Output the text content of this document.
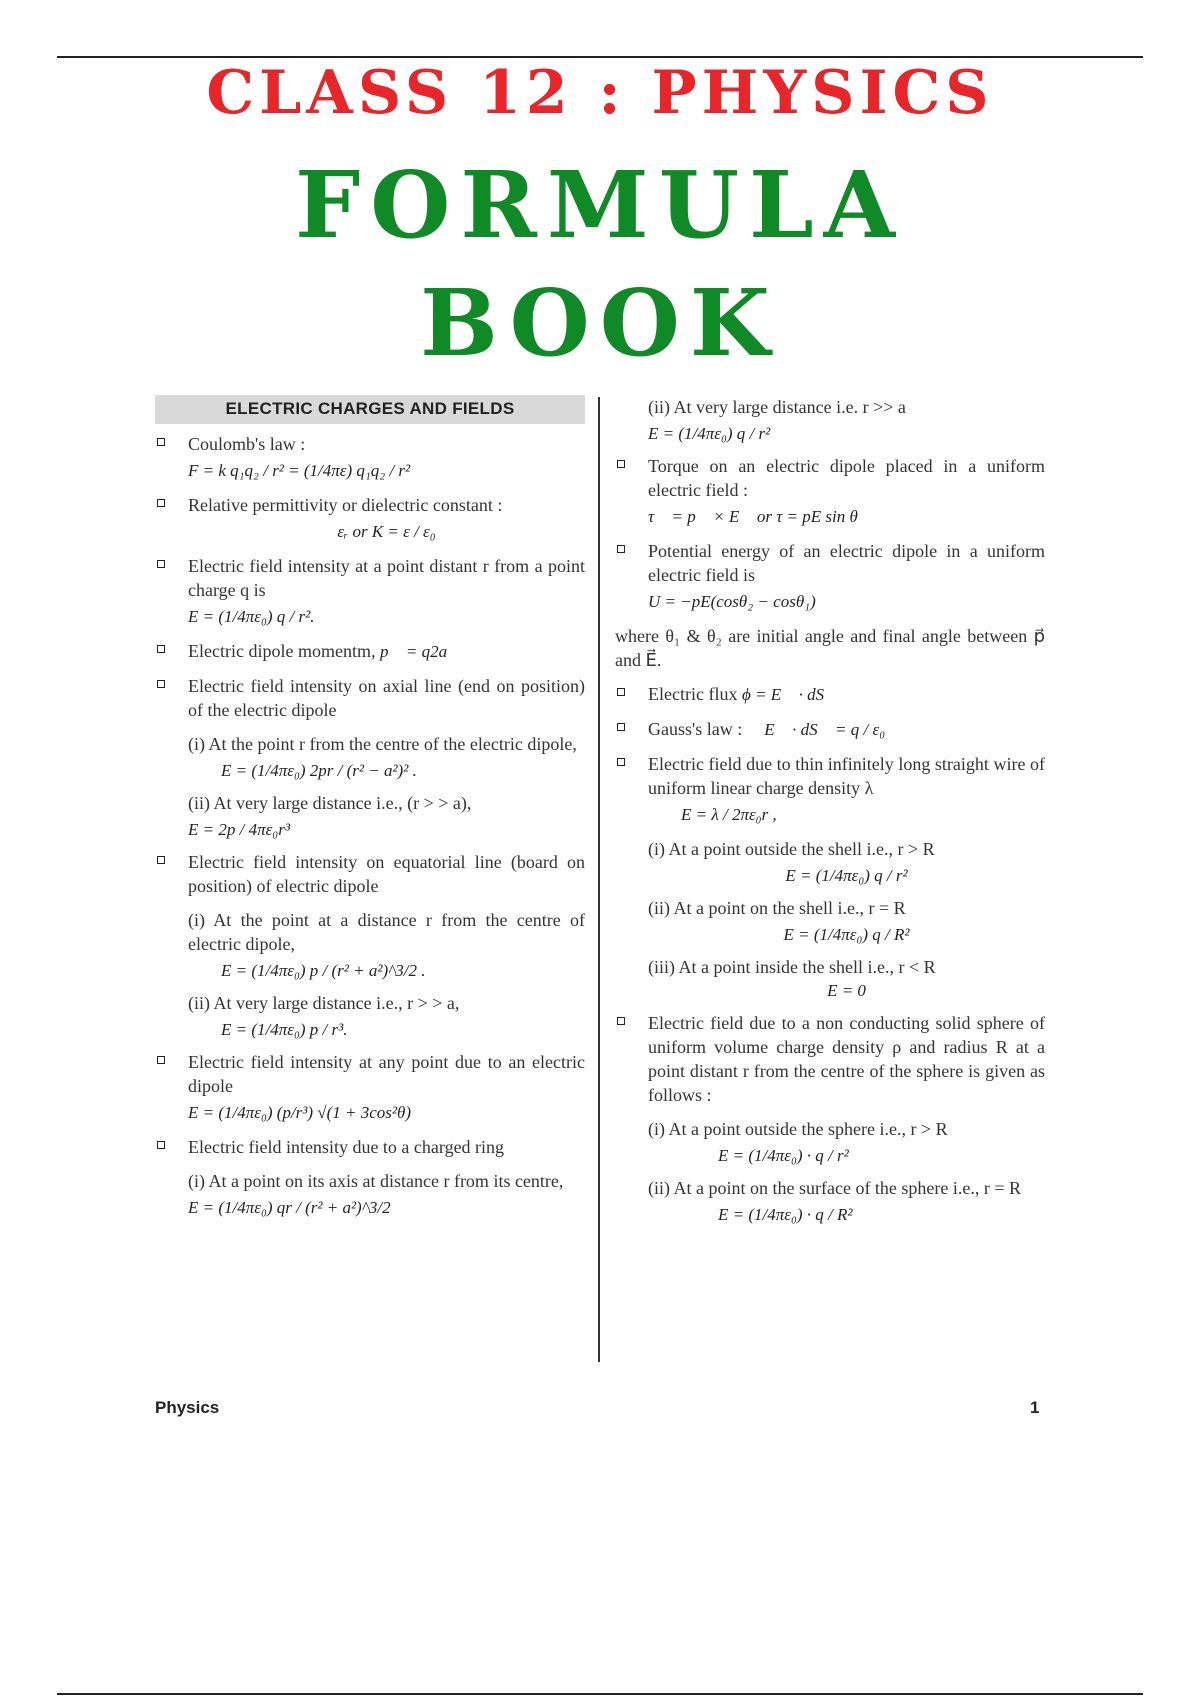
CLASS 12 : PHYSICS
FORMULA
BOOK
ELECTRIC CHARGES AND FIELDS
Coulomb's law :
F = k q₁q₂ / r² = (1/4πε) q₁q₂ / r²
Relative permittivity or dielectric constant :
εᵣ or K = ε / ε₀
Electric field intensity at a point distant r from a point charge q is
E = (1/4πε₀) q / r².
Electric dipole momentm, p⃗ = q2a
Electric field intensity on axial line (end on position) of the electric dipole
(i) At the point r from the centre of the electric dipole,
E = (1/4πε₀) 2pr / (r² − a²)² .
(ii) At very large distance i.e., (r > > a),
E = 2p / 4πε₀r³
Electric field intensity on equatorial line (board on position) of electric dipole
(i) At the point at a distance r from the centre of electric dipole,
E = (1/4πε₀) p / (r² + a²)^3/2 .
(ii) At very large distance i.e., r > > a,
E = (1/4πε₀) p / r³.
Electric field intensity at any point due to an electric dipole
E = (1/4πε₀) (p/r³) √(1 + 3cos²θ)
Electric field intensity due to a charged ring
(i) At a point on its axis at distance r from its centre,
E = (1/4πε₀) qr / (r² + a²)^3/2
(ii) At very large distance i.e. r >> a
E = (1/4πε₀) q / r²
Torque on an electric dipole placed in a uniform electric field :
τ⃗ = p⃗ × E⃗ or τ = pE sin θ
Potential energy of an electric dipole in a uniform electric field is
U = −pE(cosθ₂ − cosθ₁)
where θ₁ & θ₂ are initial angle and final angle between p⃗ and E⃗.
Electric flux ϕ = E⃗ · dS⃗
Gauss's law : ∮ E⃗ · dS⃗ = q / ε₀
Electric field due to thin infinitely long straight wire of uniform linear charge density λ
E = λ / 2πε₀r ,
(i) At a point outside the shell i.e., r > R
E = (1/4πε₀) q / r²
(ii) At a point on the shell i.e., r = R
E = (1/4πε₀) q / R²
(iii) At a point inside the shell i.e., r < R
E = 0
Electric field due to a non conducting solid sphere of uniform volume charge density ρ and radius R at a point distant r from the centre of the sphere is given as follows :
(i) At a point outside the sphere i.e., r > R
E = (1/4πε₀) · q / r²
(ii) At a point on the surface of the sphere i.e., r = R
E = (1/4πε₀) · q / R²
Physics	1
